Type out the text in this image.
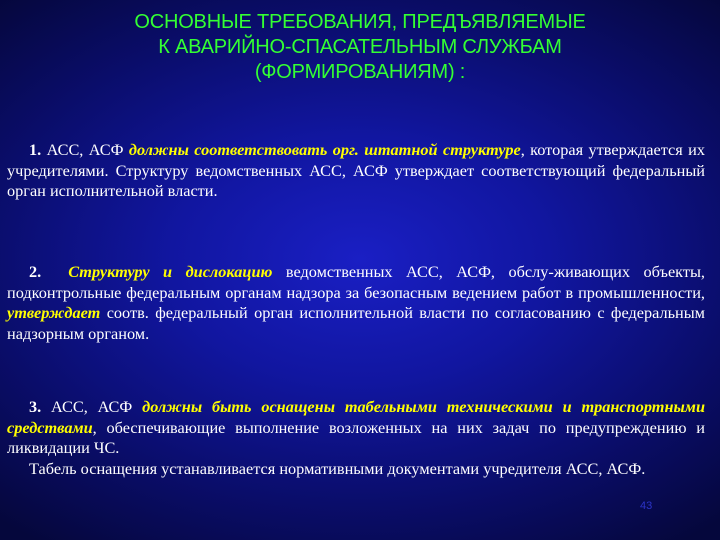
ОСНОВНЫЕ ТРЕБОВАНИЯ, ПРЕДЪЯВЛЯЕМЫЕ
К АВАРИЙНО-СПАСАТЕЛЬНЫМ СЛУЖБАМ
(ФОРМИРОВАНИЯМ) :
1. АСС, АСФ должны соответствовать орг. штатной структуре, которая утверждается их учредителями. Структуру ведомственных АСС, АСФ утверждает соответствующий федеральный орган исполнительной власти.
2. Структуру и дислокацию ведомственных АСС, АСФ, обслу-живающих объекты, подконтрольные федеральным органам надзора за безопасным ведением работ в промышленности, утверждает соотв. федеральный орган исполнительной власти по согласованию с федеральным надзорным органом.
3. АСС, АСФ должны быть оснащены табельными техническими и транспортными средствами, обеспечивающие выполнение возложенных на них задач по предупреждению и ликвидации ЧС.
Табель оснащения устанавливается нормативными документами учредителя АСС, АСФ.
43
